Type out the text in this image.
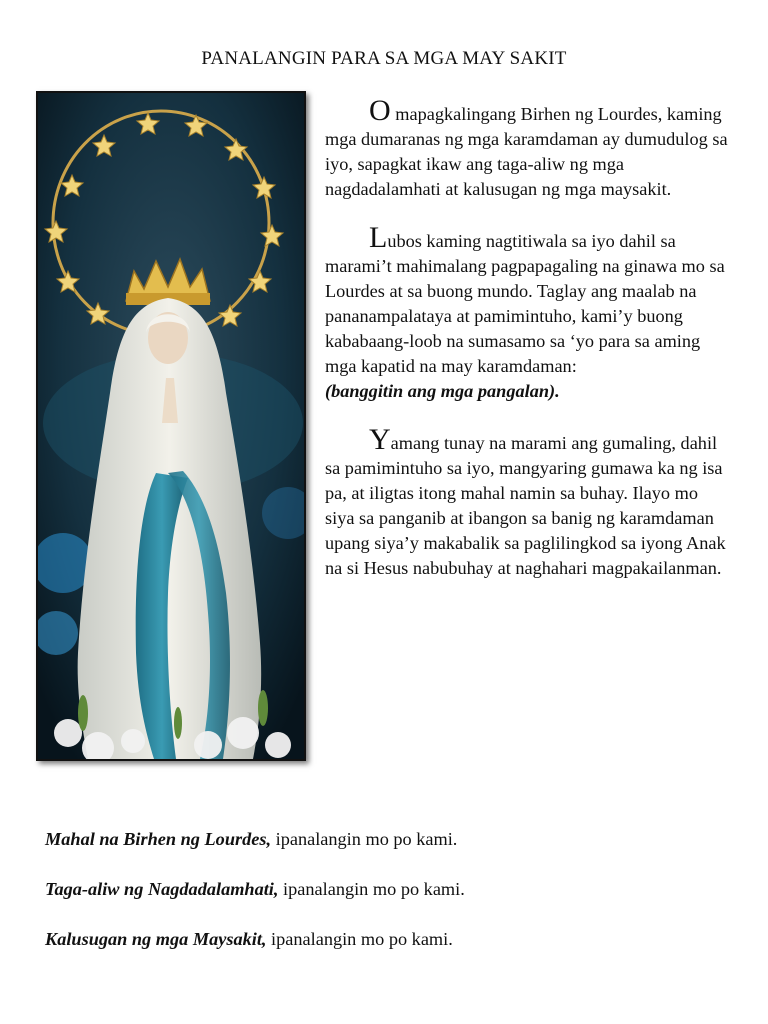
PANALANGIN PARA SA MGA MAY SAKIT

O mapagkalingang Birhen ng Lourdes, kaming mga dumaranas ng mga karamdaman ay dumudulog sa iyo, sapagkat ikaw ang taga-aliw ng mga nagdadalamhati at kalusugan ng mga maysakit.

Lubos kaming nagtitiwala sa iyo dahil sa marami’t mahimalang pagpapagaling na ginawa mo sa Lourdes at sa buong mundo. Taglay ang maalab na pananampalataya at pamimintuho, kami’y buong kababaang-loob na sumasamo sa ‘yo para sa aming mga kapatid na may karamdaman:
(banggitin ang mga pangalan).

Yamang tunay na marami ang gumaling, dahil sa pamimintuho sa iyo, mangyaring gumawa ka ng isa pa, at iligtas itong mahal namin sa buhay. Ilayo mo siya sa panganib at ibangon sa banig ng karamdaman upang siya’y makabalik sa paglilingkod sa iyong Anak na si Hesus nabubuhay at naghahari magpakailanman.

Mahal na Birhen ng Lourdes, ipanalangin mo po kami.

Taga-aliw ng Nagdadalamhati, ipanalangin mo po kami.

Kalusugan ng mga Maysakit, ipanalangin mo po kami.
